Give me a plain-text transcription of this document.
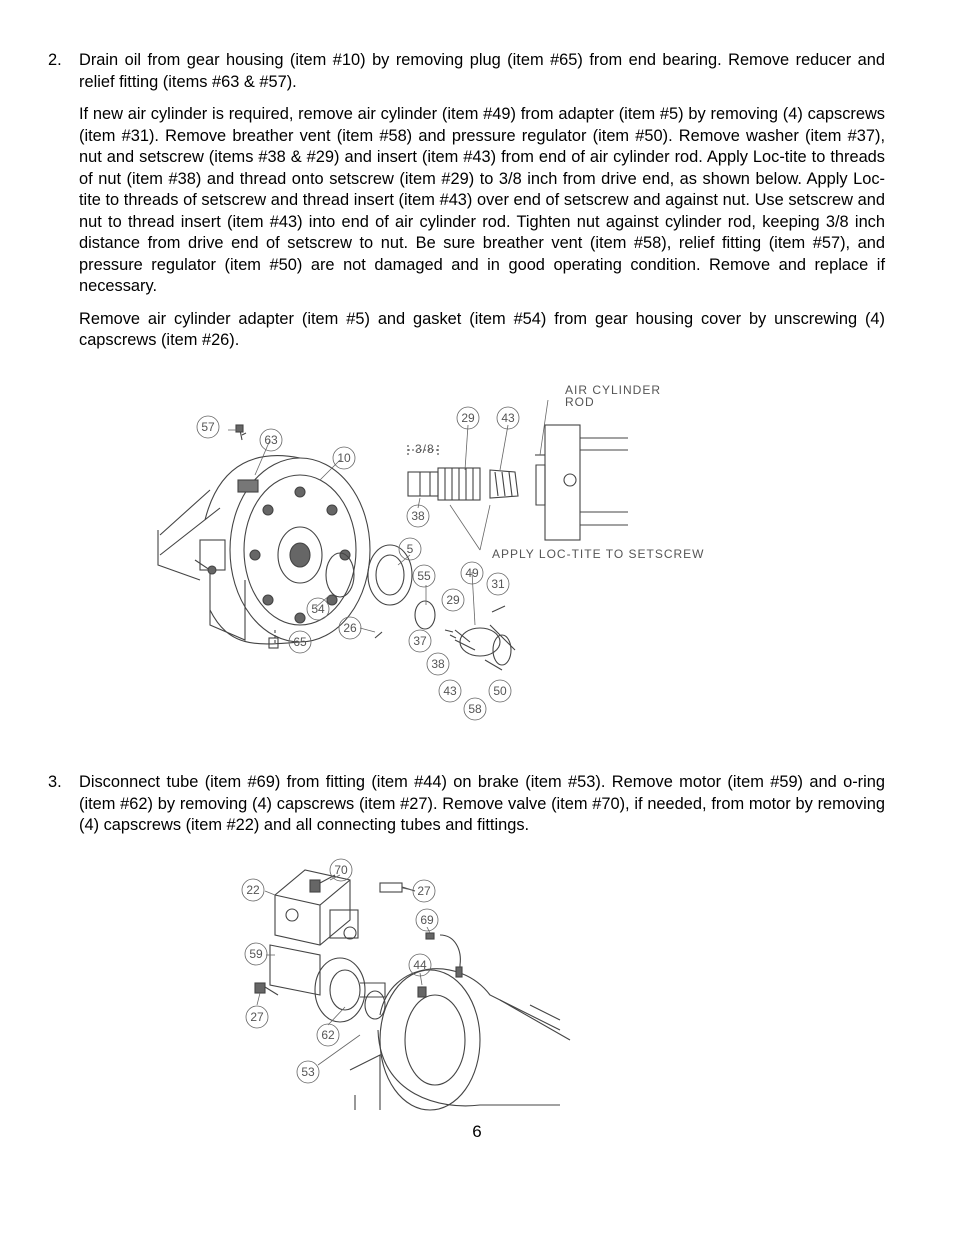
2. Drain oil from gear housing (item #10) by removing plug (item #65) from end bearing. Remove reducer and relief fitting (items #63 & #57).

If new air cylinder is required, remove air cylinder (item #49) from adapter (item #5) by removing (4) capscrews (item #31). Remove breather vent (item #58) and pressure regulator (item #50). Remove washer (item #37), nut and setscrew (items #38 & #29) and insert (item #43) from end of air cylinder rod. Apply Loc-tite to threads of nut (item #38) and thread onto setscrew (item #29) to 3/8 inch from drive end, as shown below. Apply Loc-tite to threads of setscrew and thread insert (item #43) over end of setscrew and against nut. Use setscrew and nut to thread insert (item #43) into end of air cylinder rod. Tighten nut against cylinder rod, keeping 3/8 inch distance from drive end of setscrew to nut. Be sure breather vent (item #58), relief fitting (item #57), and pressure regulator (item #50) are not damaged and in good operating condition. Remove and replace if necessary.

Remove air cylinder adapter (item #5) and gasket (item #54) from gear housing cover by unscrewing (4) capscrews (item #26).

57
63
10
29 43
38
5
55	49
31
54
26
65
29
37
38
43	50
58
AIR CYLINDER
ROD
3/8
APPLY LOC-TITE TO SETSCREW
3. Disconnect tube (item #69) from fitting (item #44) on brake (item #53). Remove motor (item #59) and o-ring (item #62) by removing (4) capscrews (item #27). Remove valve (item #70), if needed, from motor by removing (4) capscrews (item #22) and all connecting tubes and fittings.

70
22	27
69
59
44
27
62
53
6
